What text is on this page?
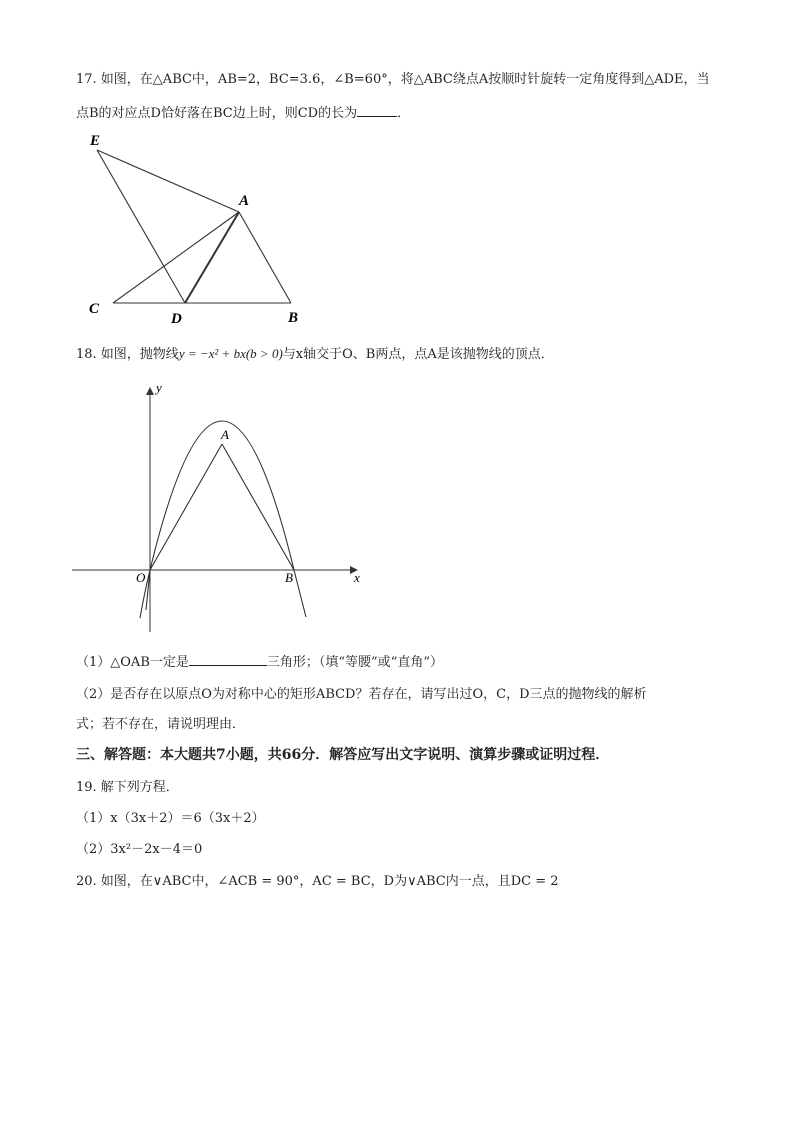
17. 如图，在△ABC中，AB=2，BC=3.6，∠B=60°，将△ABC绕点A按顺时针旋转一定角度得到△ADE，当
点B的对应点D恰好落在BC边上时，则CD的长为	．
E
A
C
D	B
18. 如图，抛物线y = −x² + bx(b > 0)与x轴交于O、B两点，点A是该抛物线的顶点．
y
x
O
A
B
（1）△OAB一定是	三角形；（填“等腰”或“直角”）
（2）是否存在以原点O为对称中心的矩形ABCD？若存在，请写出过O，C，D三点的抛物线的解析
式；若不存在，请说明理由．
三、解答题：本大题共7小题，共66分．解答应写出文字说明、演算步骤或证明过程．
19. 解下列方程．
（1）x（3x＋2）＝6（3x＋2）
（2）3x²－2x－4＝0
20. 如图，在∨ABC中，∠ACB = 90°，AC = BC，D为∨ABC内一点，且DC = 2
